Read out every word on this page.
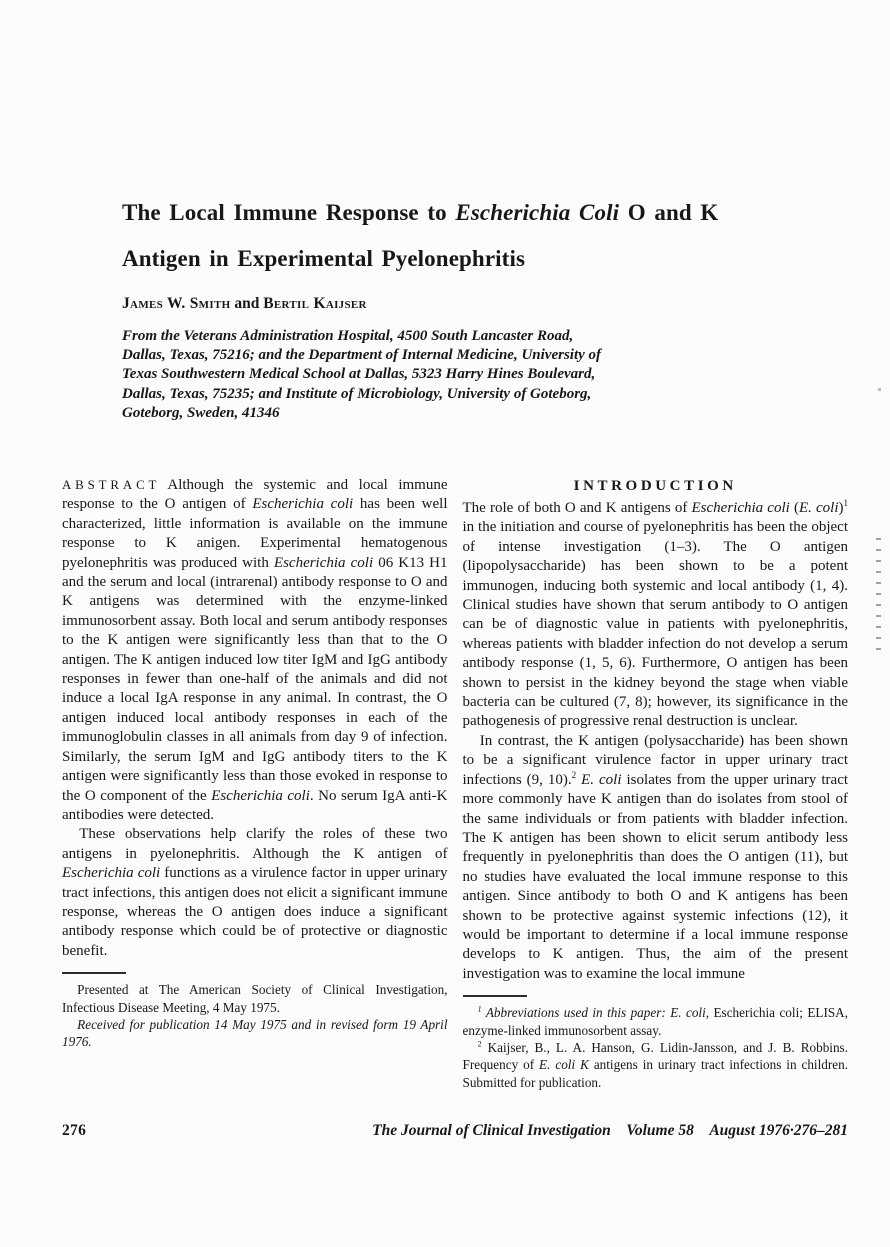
The Local Immune Response to Escherichia Coli O and K
Antigen in Experimental Pyelonephritis
James W. Smith and Bertil Kaijser
From the Veterans Administration Hospital, 4500 South Lancaster Road,
Dallas, Texas, 75216; and the Department of Internal Medicine, University of
Texas Southwestern Medical School at Dallas, 5323 Harry Hines Boulevard,
Dallas, Texas, 75235; and Institute of Microbiology, University of Goteborg,
Goteborg, Sweden, 41346

ABSTRACT Although the systemic and local immune response to the O antigen of Escherichia coli has been well characterized, little information is available on the immune response to K anigen. Experimental hematogenous pyelonephritis was produced with Escherichia coli 06 K13 H1 and the serum and local (intrarenal) antibody response to O and K antigens was determined with the enzyme-linked immunosorbent assay. Both local and serum antibody responses to the K antigen were significantly less than that to the O antigen. The K antigen induced low titer IgM and IgG antibody responses in fewer than one-half of the animals and did not induce a local IgA response in any animal. In contrast, the O antigen induced local antibody responses in each of the immunoglobulin classes in all animals from day 9 of infection. Similarly, the serum IgM and IgG antibody titers to the K antigen were significantly less than those evoked in response to the O component of the Escherichia coli. No serum IgA anti-K antibodies were detected.

These observations help clarify the roles of these two antigens in pyelonephritis. Although the K antigen of Escherichia coli functions as a virulence factor in upper urinary tract infections, this antigen does not elicit a significant immune response, whereas the O antigen does induce a significant antibody response which could be of protective or diagnostic benefit.

Presented at The American Society of Clinical Investigation, Infectious Disease Meeting, 4 May 1975.

Received for publication 14 May 1975 and in revised form 19 April 1976.

INTRODUCTION

The role of both O and K antigens of Escherichia coli (E. coli)$^1$ in the initiation and course of pyelonephritis has been the object of intense investigation (1–3). The O antigen (lipopolysaccharide) has been shown to be a potent immunogen, inducing both systemic and local antibody (1, 4). Clinical studies have shown that serum antibody to O antigen can be of diagnostic value in patients with pyelonephritis, whereas patients with bladder infection do not develop a serum antibody response (1, 5, 6). Furthermore, O antigen has been shown to persist in the kidney beyond the stage when viable bacteria can be cultured (7, 8); however, its significance in the pathogenesis of progressive renal destruction is unclear.

In contrast, the K antigen (polysaccharide) has been shown to be a significant virulence factor in upper urinary tract infections (9, 10).$^2$ E. coli isolates from the upper urinary tract more commonly have K antigen than do isolates from stool of the same individuals or from patients with bladder infection. The K antigen has been shown to elicit serum antibody less frequently in pyelonephritis than does the O antigen (11), but no studies have evaluated the local immune response to this antigen. Since antibody to both O and K antigens has been shown to be protective against systemic infections (12), it would be important to determine if a local immune response develops to K antigen. Thus, the aim of the present investigation was to examine the local immune

$^1$ Abbreviations used in this paper: E. coli, Escherichia coli; ELISA, enzyme-linked immunosorbent assay.

$^2$ Kaijser, B., L. A. Hanson, G. Lidin-Jansson, and J. B. Robbins. Frequency of E. coli K antigens in urinary tract infections in children. Submitted for publication.

276	The Journal of Clinical Investigation  Volume 58  August 1976·276–281
